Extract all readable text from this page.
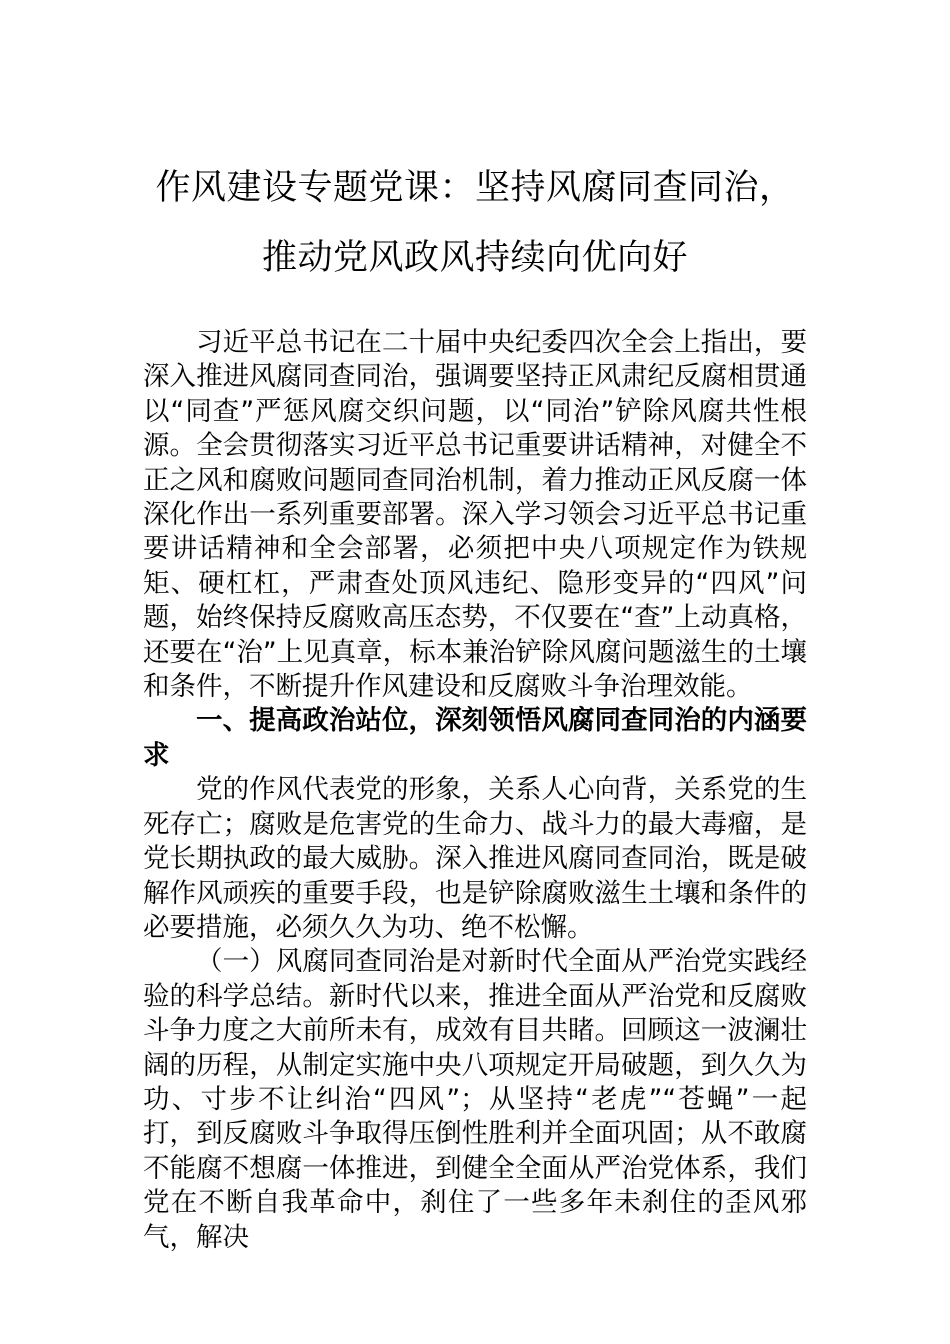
作风建设专题党课：坚持风腐同查同治，
推动党风政风持续向优向好

习近平总书记在二十届中央纪委四次全会上指出，要深入推进风腐同查同治，强调要坚持正风肃纪反腐相贯通以“同查”严惩风腐交织问题，以“同治”铲除风腐共性根源。全会贯彻落实习近平总书记重要讲话精神，对健全不正之风和腐败问题同查同治机制，着力推动正风反腐一体深化作出一系列重要部署。深入学习领会习近平总书记重要讲话精神和全会部署，必须把中央八项规定作为铁规矩、硬杠杠，严肃查处顶风违纪、隐形变异的“四风”问题，始终保持反腐败高压态势，不仅要在“查”上动真格，还要在“治”上见真章，标本兼治铲除风腐问题滋生的土壤和条件，不断提升作风建设和反腐败斗争治理效能。

一、提高政治站位，深刻领悟风腐同查同治的内涵要求

党的作风代表党的形象，关系人心向背，关系党的生死存亡；腐败是危害党的生命力、战斗力的最大毒瘤，是党长期执政的最大威胁。深入推进风腐同查同治，既是破解作风顽疾的重要手段，也是铲除腐败滋生土壤和条件的必要措施，必须久久为功、绝不松懈。

（一）风腐同查同治是对新时代全面从严治党实践经验的科学总结。新时代以来，推进全面从严治党和反腐败斗争力度之大前所未有，成效有目共睹。回顾这一波澜壮阔的历程，从制定实施中央八项规定开局破题，到久久为功、寸步不让纠治“四风”；从坚持“老虎”“苍蝇”一起打，到反腐败斗争取得压倒性胜利并全面巩固；从不敢腐不能腐不想腐一体推进，到健全全面从严治党体系，我们党在不断自我革命中，刹住了一些多年未刹住的歪风邪气，解决
